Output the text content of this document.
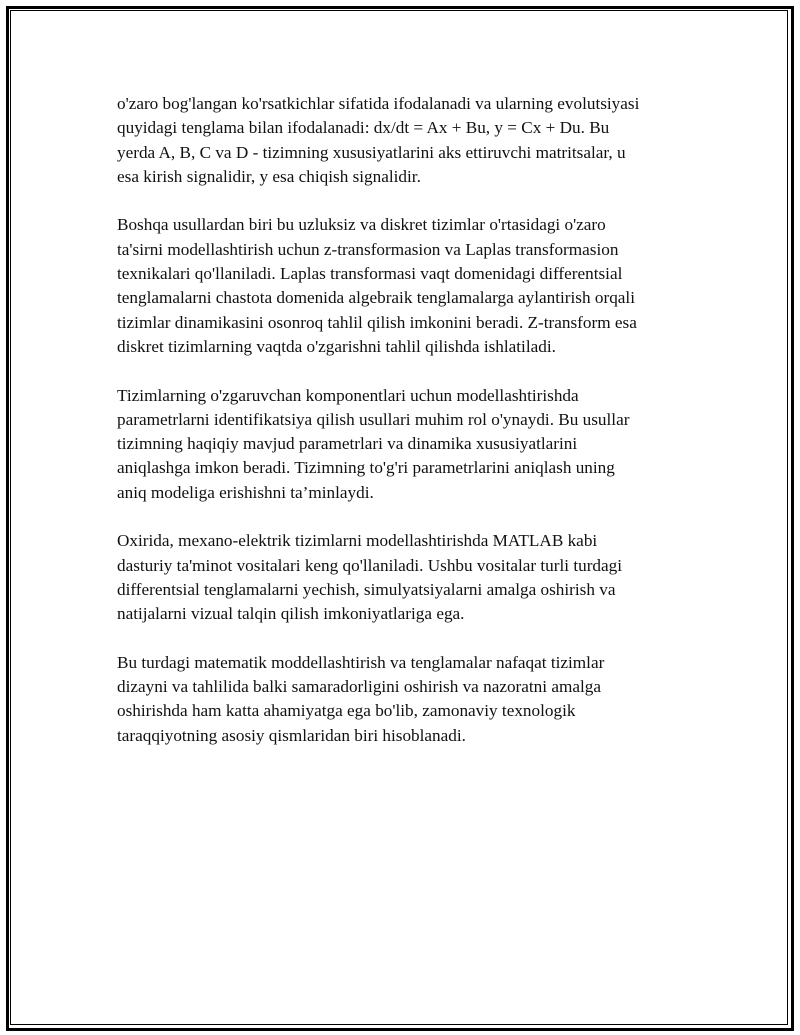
o'zaro bog'langan ko'rsatkichlar sifatida ifodalanadi va ularning evolutsiyasi
quyidagi tenglama bilan ifodalanadi: dx/dt = Ax + Bu, y = Cx + Du. Bu
yerda A, B, C va D - tizimning xususiyatlarini aks ettiruvchi matritsalar, u
esa kirish signalidir, y esa chiqish signalidir.

Boshqa usullardan biri bu uzluksiz va diskret tizimlar o'rtasidagi o'zaro
ta'sirni modellashtirish uchun z-transformasion va Laplas transformasion
texnikalari qo'llaniladi. Laplas transformasi vaqt domenidagi differentsial
tenglamalarni chastota domenida algebraik tenglamalarga aylantirish orqali
tizimlar dinamikasini osonroq tahlil qilish imkonini beradi. Z-transform esa
diskret tizimlarning vaqtda o'zgarishni tahlil qilishda ishlatiladi.

Tizimlarning o'zgaruvchan komponentlari uchun modellashtirishda
parametrlarni identifikatsiya qilish usullari muhim rol o'ynaydi. Bu usullar
tizimning haqiqiy mavjud parametrlari va dinamika xususiyatlarini
aniqlashga imkon beradi. Tizimning to'g'ri parametrlarini aniqlash uning
aniq modeliga erishishni ta’minlaydi.

Oxirida, mexano-elektrik tizimlarni modellashtirishda MATLAB kabi
dasturiy ta'minot vositalari keng qo'llaniladi. Ushbu vositalar turli turdagi
differentsial tenglamalarni yechish, simulyatsiyalarni amalga oshirish va
natijalarni vizual talqin qilish imkoniyatlariga ega.

Bu turdagi matematik moddellashtirish va tenglamalar nafaqat tizimlar
dizayni va tahlilida balki samaradorligini oshirish va nazoratni amalga
oshirishda ham katta ahamiyatga ega bo'lib, zamonaviy texnologik
taraqqiyotning asosiy qismlaridan biri hisoblanadi.
